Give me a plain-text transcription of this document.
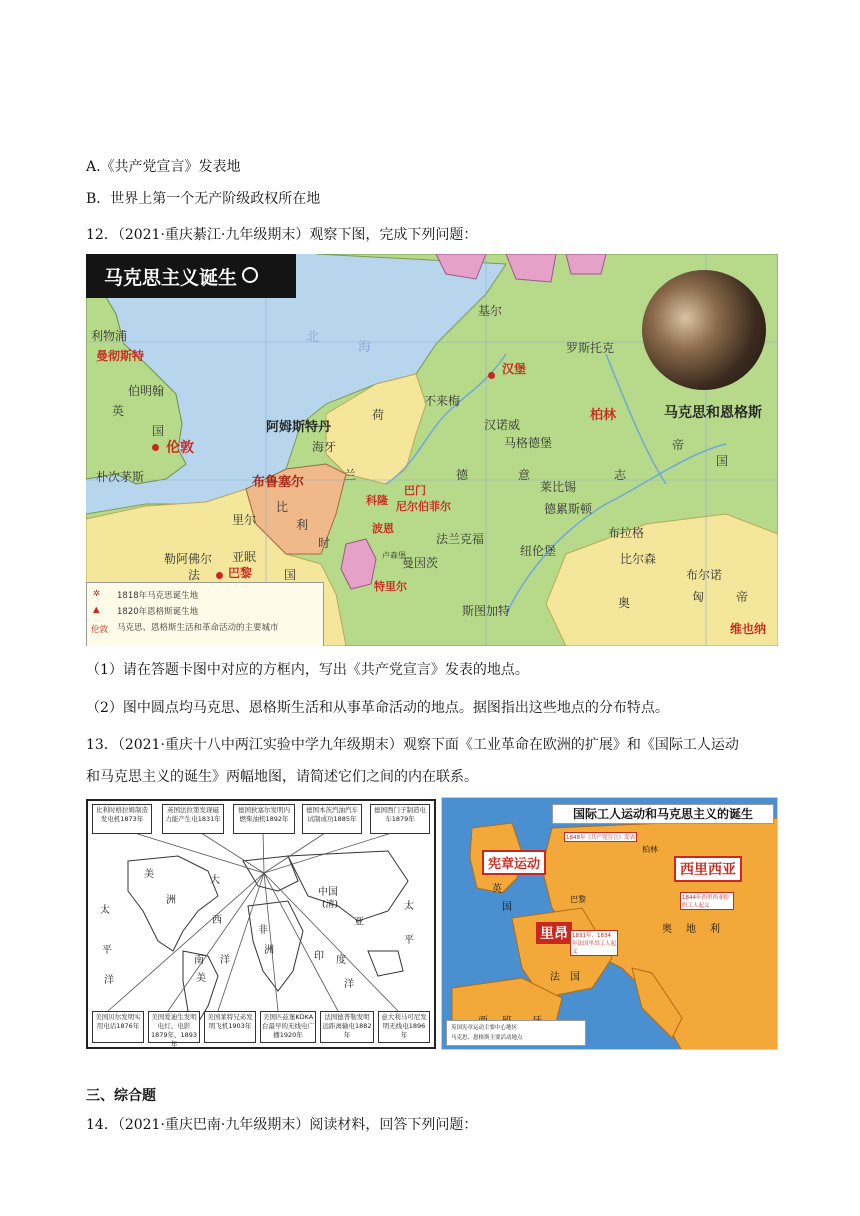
A.《共产党宣言》发表地
B．世界上第一个无产阶级政权所在地
12．（2021·重庆綦江·九年级期末）观察下图，完成下列问题：
马克思主义诞生
利物浦
曼彻斯特
伯明翰
英
国
伦敦
朴次茅斯
北
海
阿姆斯特丹
海牙
荷
兰
基尔
罗斯托克
汉堡
不来梅
汉诺威
马格德堡
柏林	马克思和恩格斯
莱比锡
德累斯顿
德	意	志
帝
国
布鲁塞尔
比
利
时
科隆
巴门
尼尔伯菲尔
波恩
里尔
法兰克福
曼因茨
卢森堡
特里尔
纽伦堡
斯图加特
布拉格
布尔诺
比尔森
奥	匈	帝
维也纳
勒阿佛尔 亚眠
巴黎
法	国
✲ 1818年马克思诞生地
▲ 1820年恩格斯诞生地
伦敦 马克思、恩格斯生活和革命活动的主要城市
（1）请在答题卡图中对应的方框内，写出《共产党宣言》发表的地点。
（2）图中圆点均马克思、恩格斯生活和从事革命活动的地点。据图指出这些地点的分布特点。
13．（2021·重庆十八中两江实验中学九年级期末）观察下面《工业革命在欧洲的扩展》和《国际工人运动
和马克思主义的诞生》两幅地图，请简述它们之间的内在联系。
比利时格拉姆制造发电机1873年
英国法拉第发现磁力能产生电1831年
德国狄塞尔发明内燃柴油机1892年
德国本茨汽油汽车试制成功1885年
德国西门子制造电车1879年
美国贝尔发明实用电话1876年
美国爱迪生发明电灯、电影1879年、1893年
美国莱特兄弟发明飞机1903年
美国匹兹堡KDKA台最早的无线电广播1920年
法国德普勒发明远距离输电1882年
意大利马可尼发明无线电1896年
美
洲
大
西
洋
非
洲
南
美
太
平
洋
印 度
洋
中国
(清)
亚
太
平
国际工人运动和马克思主义的诞生
宪章运动	西里西亚
里昂
1848年《共产党宣言》发表
1844年西里西亚纺织工人起义
1831年、1834年法国里昂工人起义
英
国
法 国
奥 地 利
柏林
巴黎
英国宪章运动主要中心地区
马克思、恩格斯主要活动地点
三、综合题
14．（2021·重庆巴南·九年级期末）阅读材料，回答下列问题：
